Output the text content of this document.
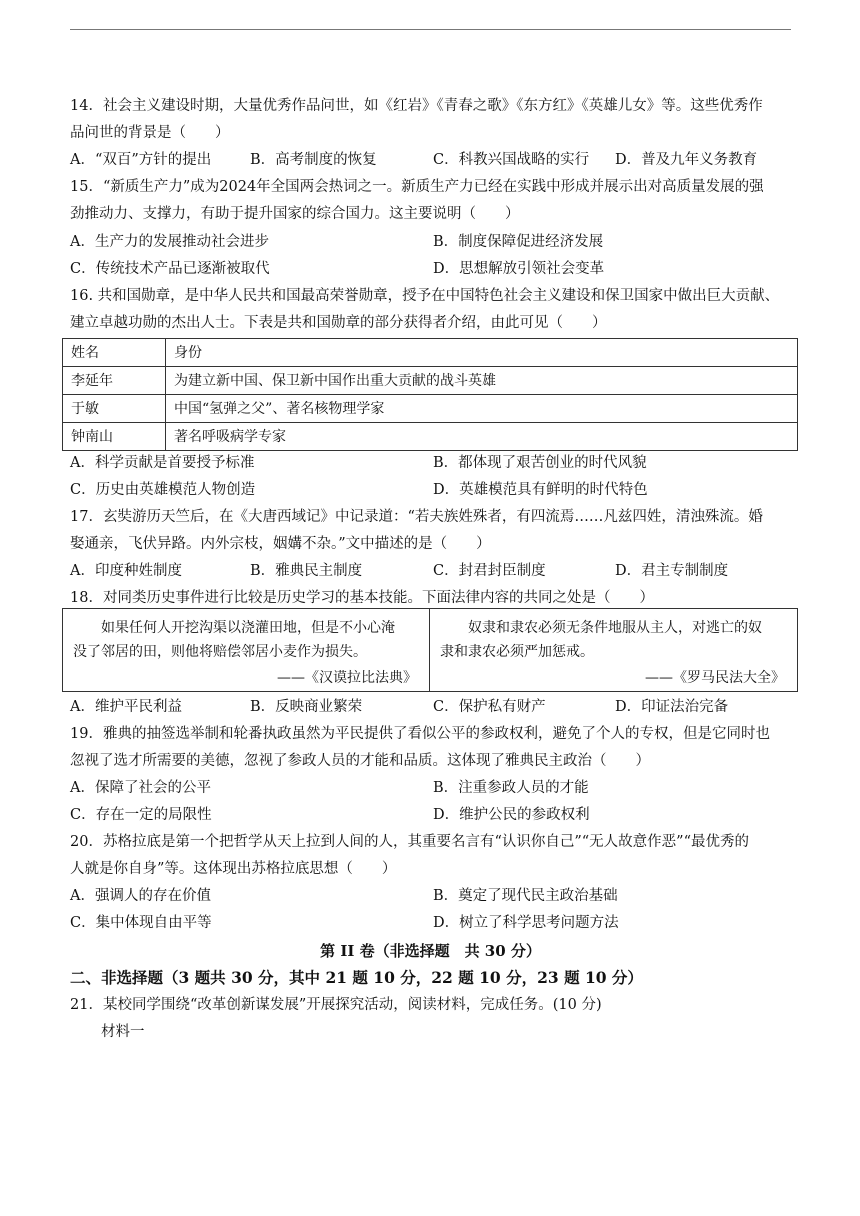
14．社会主义建设时期，大量优秀作品问世，如《红岩》《青春之歌》《东方红》《英雄儿女》等。这些优秀作
品问世的背景是（　　）
A．“双百”方针的提出	B．高考制度的恢复	C．科教兴国战略的实行 D．普及九年义务教育
15．“新质生产力”成为2024年全国两会热词之一。新质生产力已经在实践中形成并展示出对高质量发展的强
劲推动力、支撑力，有助于提升国家的综合国力。这主要说明（　　）
A．生产力的发展推动社会进步	B．制度保障促进经济发展
C．传统技术产品已逐渐被取代	D．思想解放引领社会变革
16. 共和国勋章，是中华人民共和国最高荣誉勋章，授予在中国特色社会主义建设和保卫国家中做出巨大贡献、
建立卓越功勋的杰出人士。下表是共和国勋章的部分获得者介绍，由此可见（　　）
姓名	身份
李延年	为建立新中国、保卫新中国作出重大贡献的战斗英雄
于敏	中国“氢弹之父”、著名核物理学家
钟南山	著名呼吸病学专家
A．科学贡献是首要授予标准	B．都体现了艰苦创业的时代风貌
C．历史由英雄模范人物创造	D．英雄模范具有鲜明的时代特色
17．玄奘游历天竺后，在《大唐西域记》中记录道：“若夫族姓殊者，有四流焉……凡兹四姓，清浊殊流。婚
娶通亲，飞伏异路。内外宗枝，姻媾不杂。”文中描述的是（　　）
A．印度种姓制度	B．雅典民主制度	C．封君封臣制度	D．君主专制制度
18．对同类历史事件进行比较是历史学习的基本技能。下面法律内容的共同之处是（　　）
如果任何人开挖沟渠以浇灌田地，但是不小心淹
没了邻居的田，则他将赔偿邻居小麦作为损失。
——《汉谟拉比法典》
奴隶和隶农必须无条件地服从主人，对逃亡的奴
隶和隶农必须严加惩戒。
——《罗马民法大全》
A．维护平民利益	B．反映商业繁荣	C．保护私有财产	D．印证法治完备
19．雅典的抽签选举制和轮番执政虽然为平民提供了看似公平的参政权利，避免了个人的专权，但是它同时也
忽视了选才所需要的美德，忽视了参政人员的才能和品质。这体现了雅典民主政治（　　）
A．保障了社会的公平	B．注重参政人员的才能
C．存在一定的局限性	D．维护公民的参政权利
20．苏格拉底是第一个把哲学从天上拉到人间的人，其重要名言有“认识你自己”“无人故意作恶”“最优秀的
人就是你自身”等。这体现出苏格拉底思想（　　）
A．强调人的存在价值	B．奠定了现代民主政治基础
C．集中体现自由平等	D．树立了科学思考问题方法
第 II 卷（非选择题　共 30 分）
二、非选择题（3 题共 30 分，其中 21 题 10 分，22 题 10 分，23 题 10 分）
21．某校同学围绕“改革创新谋发展”开展探究活动，阅读材料，完成任务。(10 分)
材料一
